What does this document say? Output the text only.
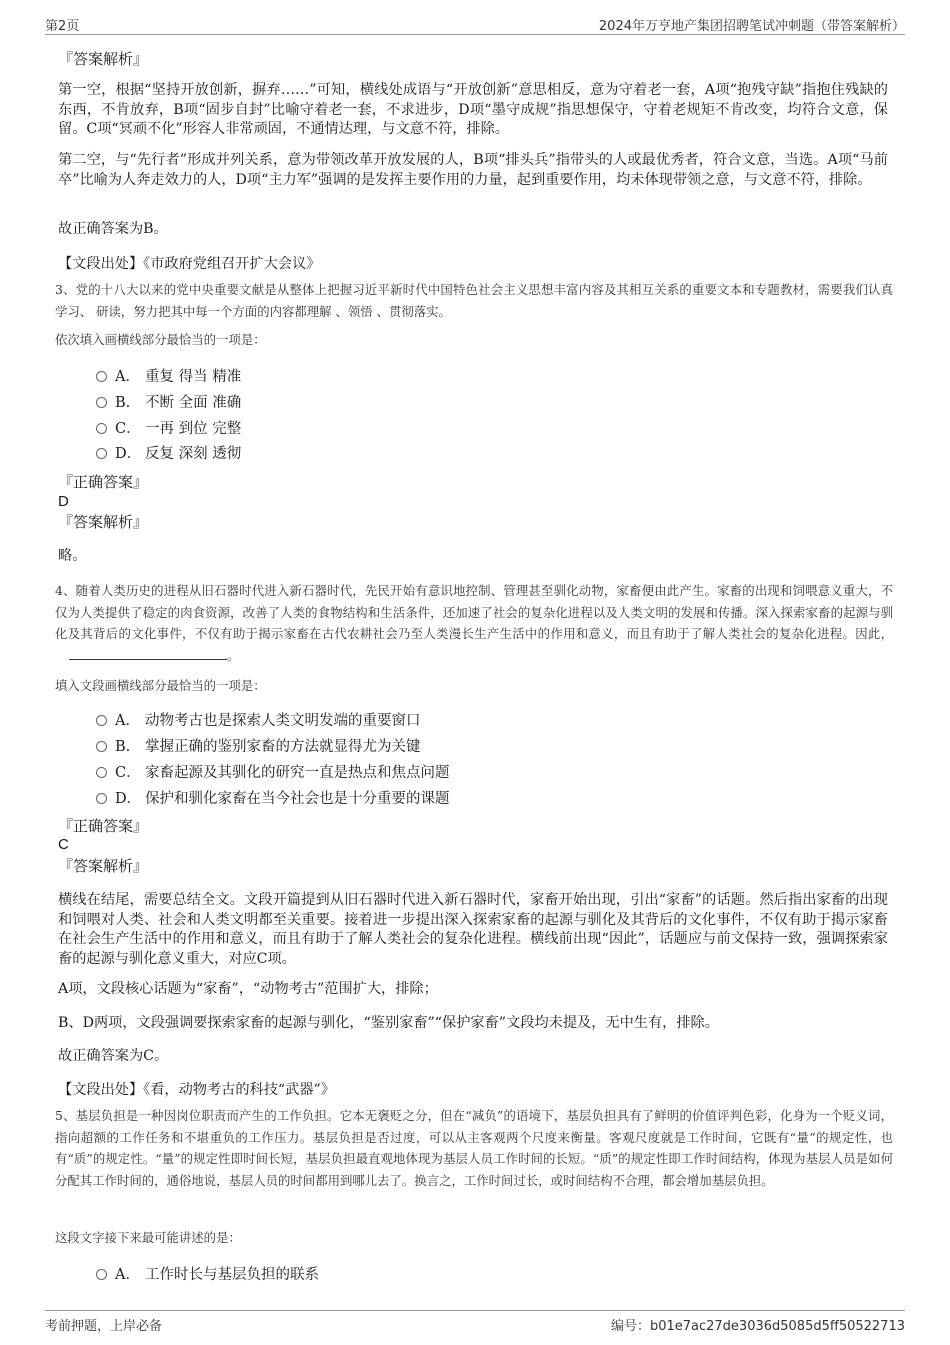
第2页	2024年万亨地产集团招聘笔试冲刺题（带答案解析）
『答案解析』
第一空，根据“坚持开放创新，摒弃……”可知，横线处成语与“开放创新”意思相反，意为守着老一套，A项“抱残守缺”指抱住残缺的东西，不肯放弃，B项“固步自封”比喻守着老一套，不求进步，D项“墨守成规”指思想保守，守着老规矩不肯改变，均符合文意，保留。C项“冥顽不化”形容人非常顽固，不通情达理，与文意不符，排除。
第二空，与“先行者”形成并列关系，意为带领改革开放发展的人，B项“排头兵”指带头的人或最优秀者，符合文意，当选。A项“马前卒”比喻为人奔走效力的人，D项“主力军”强调的是发挥主要作用的力量，起到重要作用，均未体现带领之意，与文意不符，排除。
故正确答案为B。
【文段出处】《市政府党组召开扩大会议》
3、党的十八大以来的党中央重要文献是从整体上把握习近平新时代中国特色社会主义思想丰富内容及其相互关系的重要文本和专题教材，需要我们认真学习、 研读，努力把其中每一个方面的内容都理解 、领悟 、贯彻落实。
依次填入画横线部分最恰当的一项是：
A． 重复 得当 精准
B. 不断 全面 准确
C． 一再 到位 完整
D． 反复 深刻 透彻
『正确答案』
D
『答案解析』
略。
4、随着人类历史的进程从旧石器时代进入新石器时代，先民开始有意识地控制、管理甚至驯化动物，家畜便由此产生。家畜的出现和饲喂意义重大，不仅为人类提供了稳定的肉食资源，改善了人类的食物结构和生活条件，还加速了社会的复杂化进程以及人类文明的发展和传播。深入探索家畜的起源与驯化及其背后的文化事件，不仅有助于揭示家畜在古代农耕社会乃至人类漫长生产生活中的作用和意义，而且有助于了解人类社会的复杂化进程。因此，。
填入文段画横线部分最恰当的一项是：
A． 动物考古也是探索人类文明发端的重要窗口
B. 掌握正确的鉴别家畜的方法就显得尤为关键
C． 家畜起源及其驯化的研究一直是热点和焦点问题
D． 保护和驯化家畜在当今社会也是十分重要的课题
『正确答案』
C
『答案解析』
横线在结尾，需要总结全文。文段开篇提到从旧石器时代进入新石器时代，家畜开始出现，引出“家畜”的话题。然后指出家畜的出现和饲喂对人类、社会和人类文明都至关重要。接着进一步提出深入探索家畜的起源与驯化及其背后的文化事件，不仅有助于揭示家畜在社会生产生活中的作用和意义，而且有助于了解人类社会的复杂化进程。横线前出现“因此”，话题应与前文保持一致，强调探索家畜的起源与驯化意义重大，对应C项。
A项，文段核心话题为“家畜”，“动物考古”范围扩大，排除；
B、D两项，文段强调要探索家畜的起源与驯化，“鉴别家畜”“保护家畜”文段均未提及，无中生有，排除。
故正确答案为C。
【文段出处】《看，动物考古的科技“武器”》
5、基层负担是一种因岗位职责而产生的工作负担。它本无褒贬之分，但在“减负”的语境下，基层负担具有了鲜明的价值评判色彩，化身为一个贬义词，指向超额的工作任务和不堪重负的工作压力。基层负担是否过度，可以从主客观两个尺度来衡量。客观尺度就是工作时间，它既有“量”的规定性，也有“质”的规定性。“量”的规定性即时间长短，基层负担最直观地体现为基层人员工作时间的长短。“质”的规定性即工作时间结构，体现为基层人员是如何分配其工作时间的，通俗地说，基层人员的时间都用到哪儿去了。换言之，工作时间过长，或时间结构不合理，都会增加基层负担。
这段文字接下来最可能讲述的是：
A． 工作时长与基层负担的联系
考前押题，上岸必备	编号：b01e7ac27de3036d5085d5ff50522713
